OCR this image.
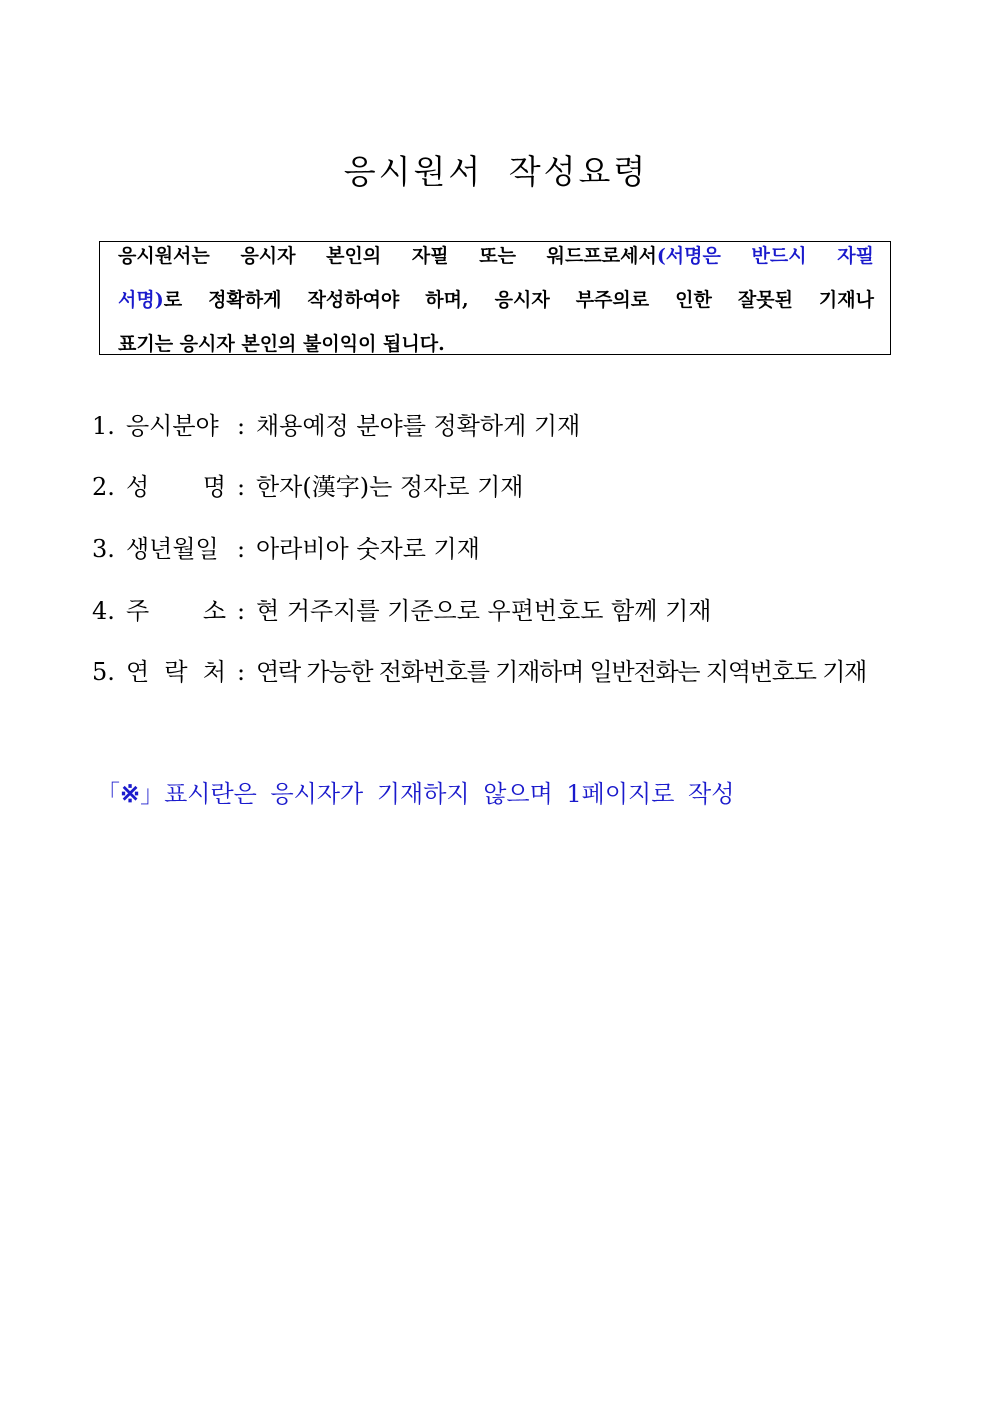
응시원서 작성요령
응시원서는 응시자 본인의 자필 또는 워드프로세서(서명은 반드시 자필
서명)로 정확하게 작성하여야 하며, 응시자 부주의로 인한 잘못된 기재나
표기는 응시자 본인의 불이익이 됩니다.
1. 응시분야 : 채용예정 분야를 정확하게 기재
2. 성 명 : 한자(漢字)는 정자로 기재
3. 생년월일 : 아라비아 숫자로 기재
4. 주 소 : 현 거주지를 기준으로 우편번호도 함께 기재
5. 연 락 처 : 연락 가능한 전화번호를 기재하며 일반전화는 지역번호도 기재
「※」표시란은 응시자가 기재하지 않으며 1페이지로 작성
